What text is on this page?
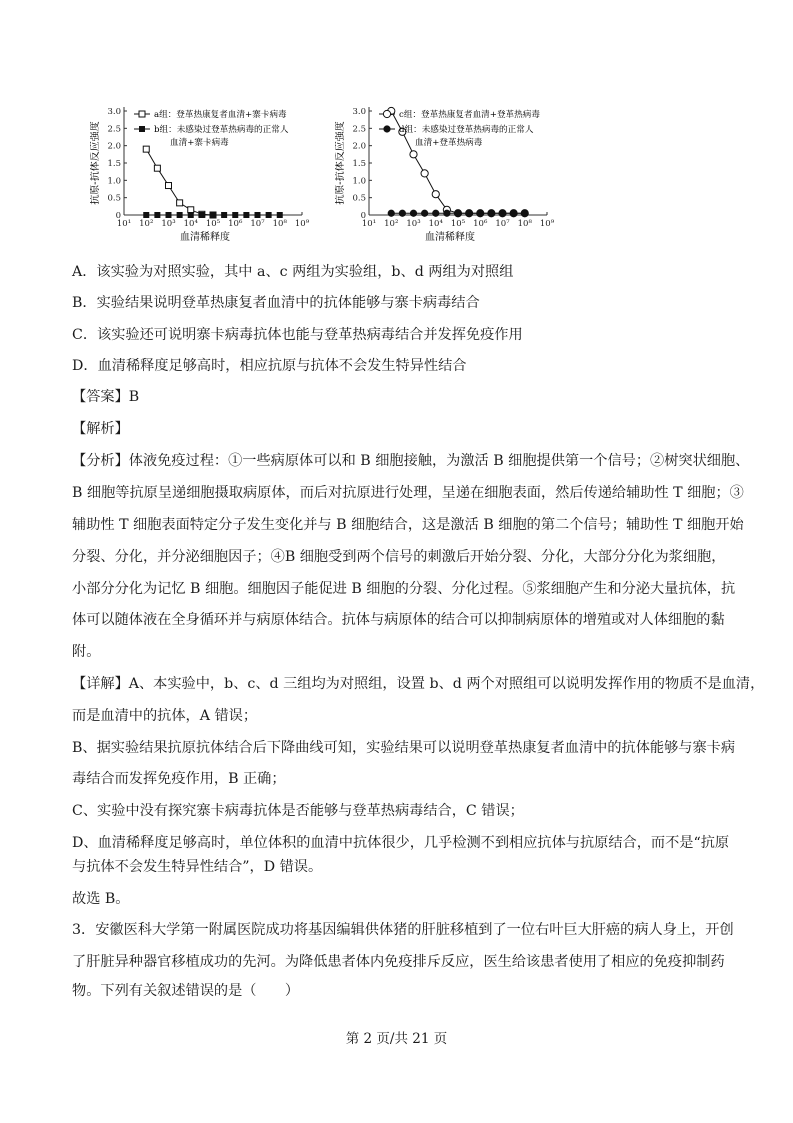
抗原-抗体反应强度
0
0.5
1.0
1.5
2.0
2.5
3.0
10¹ 10² 10³ 10⁴ 10⁵ 10⁶ 10⁷ 10⁸ 10⁹
血清稀释度
a组：登革热康复者血清+寨卡病毒
b组：未感染过登革热病毒的正常人
血清+寨卡病毒	抗原-抗体反应强度
0
0.5
1.0
1.5
2.0
2.5
3.0
10¹ 10² 10³ 10⁴ 10⁵ 10⁶ 10⁷ 10⁸ 10⁹
血清稀释度
c组：登革热康复者血清+登革热病毒
d组：未感染过登革热病毒的正常人
血清+登革热病毒
A．该实验为对照实验，其中 a、c 两组为实验组，b、d 两组为对照组
B．实验结果说明登革热康复者血清中的抗体能够与寨卡病毒结合
C．该实验还可说明寨卡病毒抗体也能与登革热病毒结合并发挥免疫作用
D．血清稀释度足够高时，相应抗原与抗体不会发生特异性结合
【答案】B
【解析】
【分析】体液免疫过程：①一些病原体可以和 B 细胞接触，为激活 B 细胞提供第一个信号；②树突状细胞、
B 细胞等抗原呈递细胞摄取病原体，而后对抗原进行处理，呈递在细胞表面，然后传递给辅助性 T 细胞；③
辅助性 T 细胞表面特定分子发生变化并与 B 细胞结合，这是激活 B 细胞的第二个信号；辅助性 T 细胞开始
分裂、分化，并分泌细胞因子；④B 细胞受到两个信号的刺激后开始分裂、分化，大部分分化为浆细胞，
小部分分化为记忆 B 细胞。细胞因子能促进 B 细胞的分裂、分化过程。⑤浆细胞产生和分泌大量抗体，抗
体可以随体液在全身循环并与病原体结合。抗体与病原体的结合可以抑制病原体的增殖或对人体细胞的黏
附。
【详解】A、本实验中，b、c、d 三组均为对照组，设置 b、d 两个对照组可以说明发挥作用的物质不是血清，
而是血清中的抗体，A 错误；
B、据实验结果抗原抗体结合后下降曲线可知，实验结果可以说明登革热康复者血清中的抗体能够与寨卡病
毒结合而发挥免疫作用，B 正确；
C、实验中没有探究寨卡病毒抗体是否能够与登革热病毒结合，C 错误；
D、血清稀释度足够高时，单位体积的血清中抗体很少，几乎检测不到相应抗体与抗原结合，而不是“抗原
与抗体不会发生特异性结合”，D 错误。
故选 B。
3．安徽医科大学第一附属医院成功将基因编辑供体猪的肝脏移植到了一位右叶巨大肝癌的病人身上，开创
了肝脏异种器官移植成功的先河。为降低患者体内免疫排斥反应，医生给该患者使用了相应的免疫抑制药
物。下列有关叙述错误的是（　　）
第 2 页/共 21 页
